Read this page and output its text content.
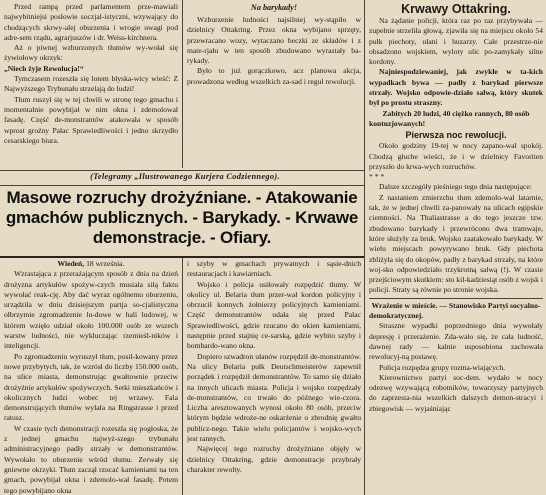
Przed rampą przed parlamentem prze-mawiali najwybitniejsi posłowie soczjal-istyczni, wzywający do chodzących skrwy-alej oburzenia i wrogie uwagi pod adre-sem rządu, agrarjuszów i dr. Weiss-kirchnera.

Aż o piwnej wzburzonych tłumów wy-wołał się żywiołowy okrzyk:

„Niech żyje Rewolucja!“

Tymczasem rozeszła się lotem błyska-wicy wieść: Z Najwyższego Trybunału strzelają do ludzi!

Tłum ruszył się w tej chwili w stronę tego gmachu i momentalnie powybijał w nim okna i zdemolował fasadę. Część de-monstrantów atakowała w sposób wprost groźny Pałac Sprawiedliwości i jedno skrzydło cesarskiego biura.

Na barykady!

Wzburzenie ludności najsilniej wy-stąpiło w dzielnicy Ottakring. Przez okna wybijano sprzęty, przewracano wozy, wytaczano beczki ze składów i z mate-rjału w ten sposób zbudowano wyrastały ba-rykady.

Było to już gorączkowo, acz planowa akcja, prowadzona według wszelkich za-sad i reguł rewolucji.

(Telegramy „Ilustrowanego Kurjera Codziennego).
Masowe rozruchy drożyźniane. - Atakowanie gmachów publicznych. - Barykady. - Krwawe demonstracje. - Ofiary.

Wiedeń, 18 września.

Wzrastająca z przerażającym sposób z dnia na dzień drożyzna artykułów spożyw-czych musiała siłą faktu wywołać reak-cję. Aby dać wyraz ogólnemu oburzeniu, urządziła w dniu dzisiejszym partja so-cjalistyczna olbrzymie zgromadzenie lu-dowe w hali ludowej, w którem wzięło udział około 100.000 osób ze wszech warstw ludności, nie wykluczając rzemieśl-ników i inteligencji.

Po zgromadzeniu wyruszył tłum, posił-kowany przez nowe przybytych, tak, że wzrósł do liczby 150.000 osób, na ulice miasta, demonstrując gwałtownie przeciw drożyźnie artykułów spożywczych. Setki mieszkańców i okolicznych ludzi wobec tej wrzawy. Fala demonstrujących tłumów wylała na Ringstrasse i przed ratusz.

W czasie tych demonstracji rozeszła się pogłoska, że z jednej gmachu najwyż-szego trybunału administracyjnego padły strzały w demonstrantów. Wywołało to oburzenie wśród tłumu. Zerwały się gniewne okrzyki. Tłum zaczął rzucać kamieniami na ten gmach, powybijał okna i zdemolo-wał fasadę. Potem tego powybijano okna

i szyby w gmachach prywatnych i sąsie-dnich restauracjach i kawiarniach.

Wojsko i policja usiłowały rozpędzić tłumy. W okolicy ul. Belaria tłum przer-wał kordon policyjny i obrzucił konnych żołnierzy policyjnych kamieniami. Część demonstrantów udała się przed Pałac Sprawiedliwości, gdzie rzucano do okien kamieniami, następnie przed stajnię ce-sarską, gdzie wybito szyby i bombardo-wano okna.

Dopiero szwadron ułanów rozpędził de-monstrantów. Na ulicy Belaria pułk Deutschmeisterów zapewnił porządek i rozpędził demonstrantów. To samo się działo na innych ulicach miasta. Policja i wojsko rozpędzały de-monstrantów, co trwało do późnego wie-czora. Liczba aresztowanych wynosi około 80 osób, przeciw którym będzie wdroże-ne oskarżenie o zbrodnię gwałtu publicz-nego. Takie wielu policjantów i wojsko-wych jest rannych.

Najwięcej tego rozruchy drożyźniane objęły w dzielnicy Ottakring, gdzie demonstracje przybrały charakter rewolty.

Krwawy Ottakring.

Na żądanie policji, która raz po raz przybywała — zupełnie strzeliła głową, zjawiła się na miejscu około 54 pułk piechoty, ułani i huzarzy. Całe przestrze-nie obsadzono wojskiem, wyloty ulic po-zamykały silne kordony.

Najniespodziewaniej, jak zwykle w ta-kich wypadkach bywa — padły z barykad pierwsze strzały. Wojsko odpowie-działo salwą, który skutek był po prostu straszny.

Zabitych 20 ludzi, 40 ciężko rannych, 80 osób kontuzjowanych!

Pierwsza noc rewolucji.

Około godziny 19-tej w nocy zapano-wał spokój. Chodzą głuche wieści, że i w dzielnicy Favoriten przyszło do krwa-wych rozruchów.

* * *

Dalsze szczegóły pieśniego tego dnia następujące:

Z nastaniem zmierzchu tłum zdemolo-wał latarnie, tak, że w jednej chwili za-panowały na ulicach egipskie ciemności. Na Thaliastrasse a do tego jeszcze tzw. zbudowano barykady i przewrócono dwa tramwaje, które służyły za bruk. Wojsko zaatakowało barykady. W wielu miejscach powyrywano bruk. Gdy piechota zbliżyła się do okopów, padły z barykad strzały, na które woj-sko odpowiedziało trzykrotną salwą (!). W czasie przejściowym skutkiem: sto kil-kadziesiąt osób z wojsk i policji. Straty są równie po stronie wojska.

Wrażenie w mieście. — Stanowisko Partyi socyalno-demokratycznej.

Straszne wypadki poprzedniego dnia wywołały depresję i przerażenie. Zda-wało się, że cała ludność, dawnej rady — kalnie usposobiona zachowała rewolucyj-ną postawę.

Policja rozpędza grupy rozma-wiających.

Kierownictwo partyi soc-dem. wydało w nocy odezwę wzywającą robotników, towarzyszy partyjnych do zaprzesta-nia wszelkich dalszych demon-stracyi i zbiegowisk — wyjaśniając
